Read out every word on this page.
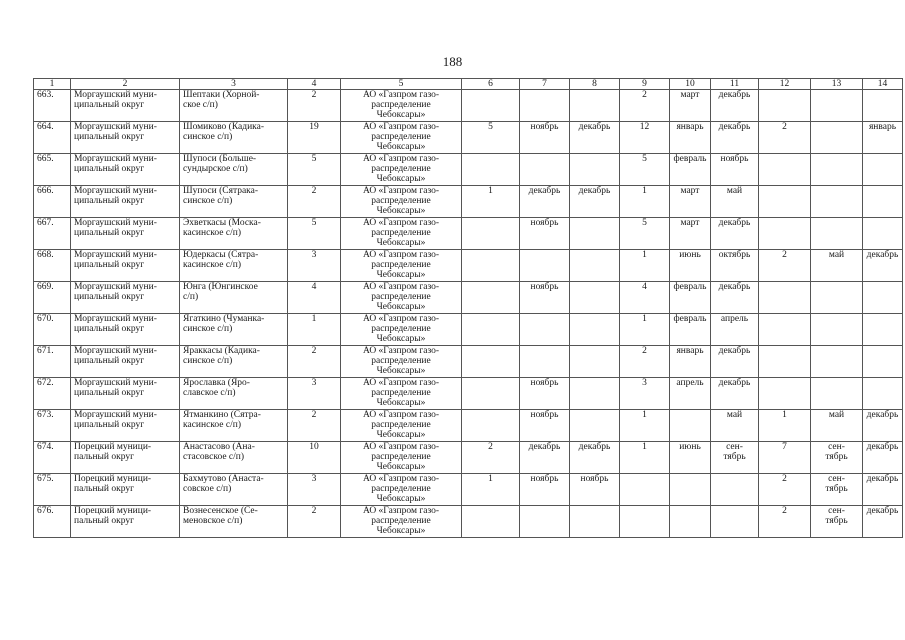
188
1	2	3	4	5	6	7	8	9	10	11	12	13	14
663.	Моргаушский муни-
ципальный округ	Шептаки (Хорной-
ское с/п)	2	АО «Газпром газо-
распределение
Чебоксары»				2	март	декабрь			
664.	Моргаушский муни-
ципальный округ	Шомиково (Кадика-
синское с/п)	19	АО «Газпром газо-
распределение
Чебоксары»	5	ноябрь	декабрь	12	январь	декабрь	2		январь
665.	Моргаушский муни-
ципальный округ	Шупоси (Больше-
сундырское с/п)	5	АО «Газпром газо-
распределение
Чебоксары»				5	февраль	ноябрь			
666.	Моргаушский муни-
ципальный округ	Шупоси (Сятрака-
синское с/п)	2	АО «Газпром газо-
распределение
Чебоксары»	1	декабрь	декабрь	1	март	май			
667.	Моргаушский муни-
ципальный округ	Эхветкасы (Моска-
касинское с/п)	5	АО «Газпром газо-
распределение
Чебоксары»		ноябрь		5	март	декабрь			
668.	Моргаушский муни-
ципальный округ	Юдеркасы (Сятра-
касинское с/п)	3	АО «Газпром газо-
распределение
Чебоксары»				1	июнь	октябрь	2	май	декабрь
669.	Моргаушский муни-
ципальный округ	Юнга (Юнгинское
с/п)	4	АО «Газпром газо-
распределение
Чебоксары»		ноябрь		4	февраль	декабрь			
670.	Моргаушский муни-
ципальный округ	Ягаткино (Чуманка-
синское с/п)	1	АО «Газпром газо-
распределение
Чебоксары»				1	февраль	апрель			
671.	Моргаушский муни-
ципальный округ	Яраккасы (Кадика-
синское с/п)	2	АО «Газпром газо-
распределение
Чебоксары»				2	январь	декабрь			
672.	Моргаушский муни-
ципальный округ	Ярославка (Яро-
славское с/п)	3	АО «Газпром газо-
распределение
Чебоксары»		ноябрь		3	апрель	декабрь			
673.	Моргаушский муни-
ципальный округ	Ятманкино (Сятра-
касинское с/п)	2	АО «Газпром газо-
распределение
Чебоксары»		ноябрь		1		май	1	май	декабрь
674.	Порецкий муници-
пальный округ	Анастасово (Ана-
стасовское с/п)	10	АО «Газпром газо-
распределение
Чебоксары»	2	декабрь	декабрь	1	июнь	сен-
тябрь	7	сен-
тябрь	декабрь
675.	Порецкий муници-
пальный округ	Бахмутово (Анаста-
совское с/п)	3	АО «Газпром газо-
распределение
Чебоксары»	1	ноябрь	ноябрь				2	сен-
тябрь	декабрь
676.	Порецкий муници-
пальный округ	Вознесенское (Се-
меновское с/п)	2	АО «Газпром газо-
распределение
Чебоксары»							2	сен-
тябрь	декабрь
